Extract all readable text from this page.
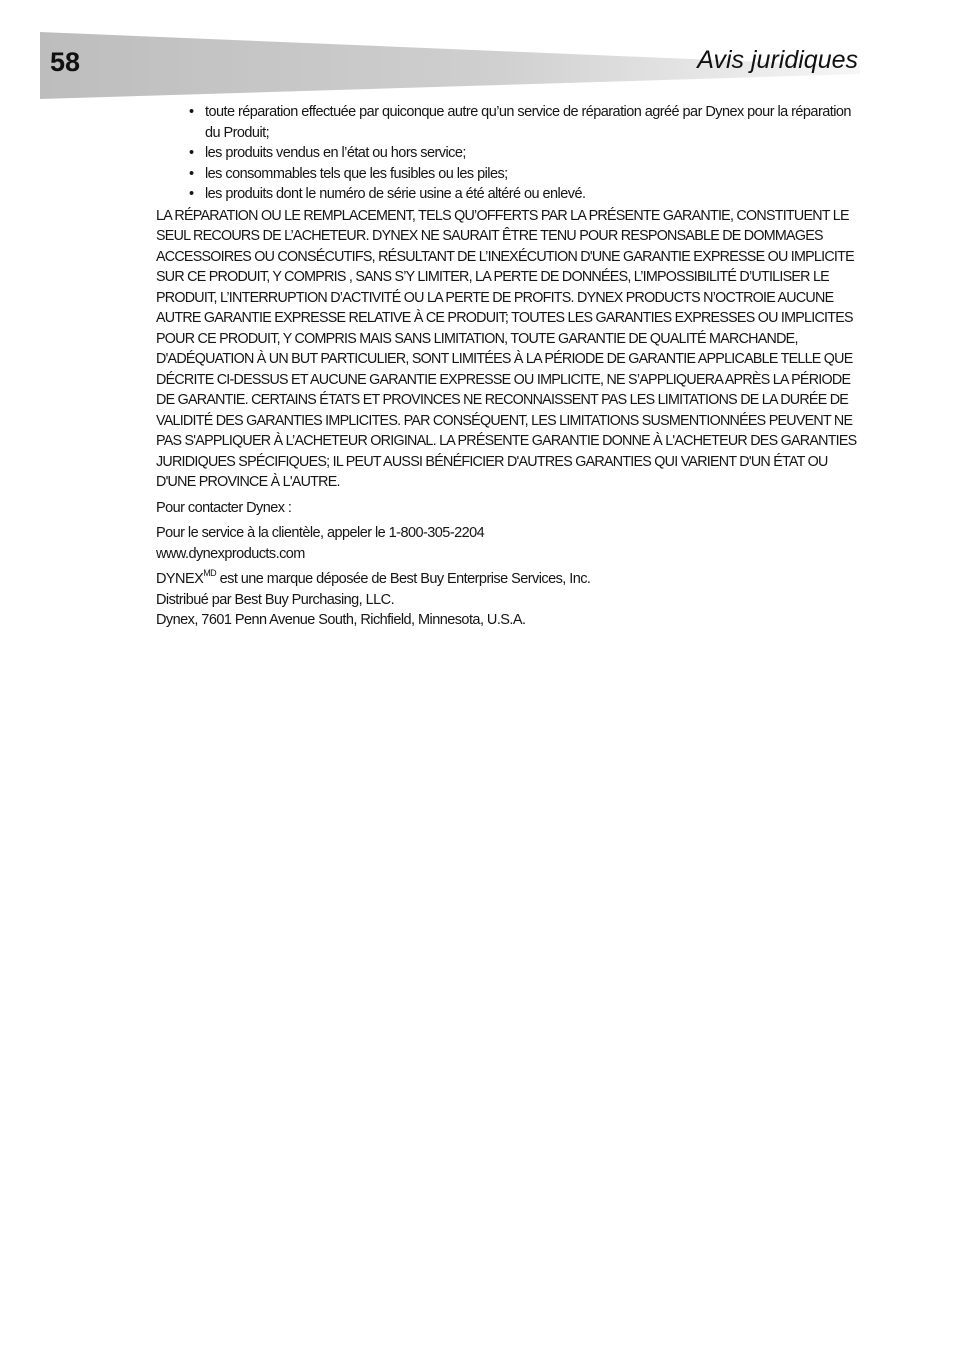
58	Avis juridiques
• toute réparation effectuée par quiconque autre qu’un service de réparation agréé par Dynex pour la réparation du Produit;
• les produits vendus en l’état ou hors service;
• les consommables tels que les fusibles ou les piles;
• les produits dont le numéro de série usine a été altéré ou enlevé.

LA RÉPARATION OU LE REMPLACEMENT, TELS QU’OFFERTS PAR LA PRÉSENTE GARANTIE, CONSTITUENT LE SEUL RECOURS DE L’ACHETEUR. DYNEX NE SAURAIT ÊTRE TENU POUR RESPONSABLE DE DOMMAGES ACCESSOIRES OU CONSÉCUTIFS, RÉSULTANT DE L’INEXÉCUTION D'UNE GARANTIE EXPRESSE OU IMPLICITE SUR CE PRODUIT, Y COMPRIS , SANS S’Y LIMITER, LA PERTE DE DONNÉES, L’IMPOSSIBILITÉ D’UTILISER LE PRODUIT, L’INTERRUPTION D’ACTIVITÉ OU LA PERTE DE PROFITS. DYNEX PRODUCTS N’OCTROIE AUCUNE AUTRE GARANTIE EXPRESSE RELATIVE À CE PRODUIT; TOUTES LES GARANTIES EXPRESSES OU IMPLICITES POUR CE PRODUIT, Y COMPRIS MAIS SANS LIMITATION, TOUTE GARANTIE DE QUALITÉ MARCHANDE, D'ADÉQUATION À UN BUT PARTICULIER, SONT LIMITÉES À LA PÉRIODE DE GARANTIE APPLICABLE TELLE QUE DÉCRITE CI-DESSUS ET AUCUNE GARANTIE EXPRESSE OU IMPLICITE, NE S’APPLIQUERA APRÈS LA PÉRIODE DE GARANTIE. CERTAINS ÉTATS ET PROVINCES NE RECONNAISSENT PAS LES LIMITATIONS DE LA DURÉE DE VALIDITÉ DES GARANTIES IMPLICITES. PAR CONSÉQUENT, LES LIMITATIONS SUSMENTIONNÉES PEUVENT NE PAS S'APPLIQUER À L’ACHETEUR ORIGINAL. LA PRÉSENTE GARANTIE DONNE À L'ACHETEUR DES GARANTIES JURIDIQUES SPÉCIFIQUES; IL PEUT AUSSI BÉNÉFICIER D'AUTRES GARANTIES QUI VARIENT D'UN ÉTAT OU D'UNE PROVINCE À L'AUTRE.

Pour contacter Dynex :

Pour le service à la clientèle, appeler le 1-800-305-2204
www.dynexproducts.com
$DYNEX^{MD}$ est une marque déposée de Best Buy Enterprise Services, Inc.
Distribué par Best Buy Purchasing, LLC.
Dynex, 7601 Penn Avenue South, Richfield, Minnesota, U.S.A.
